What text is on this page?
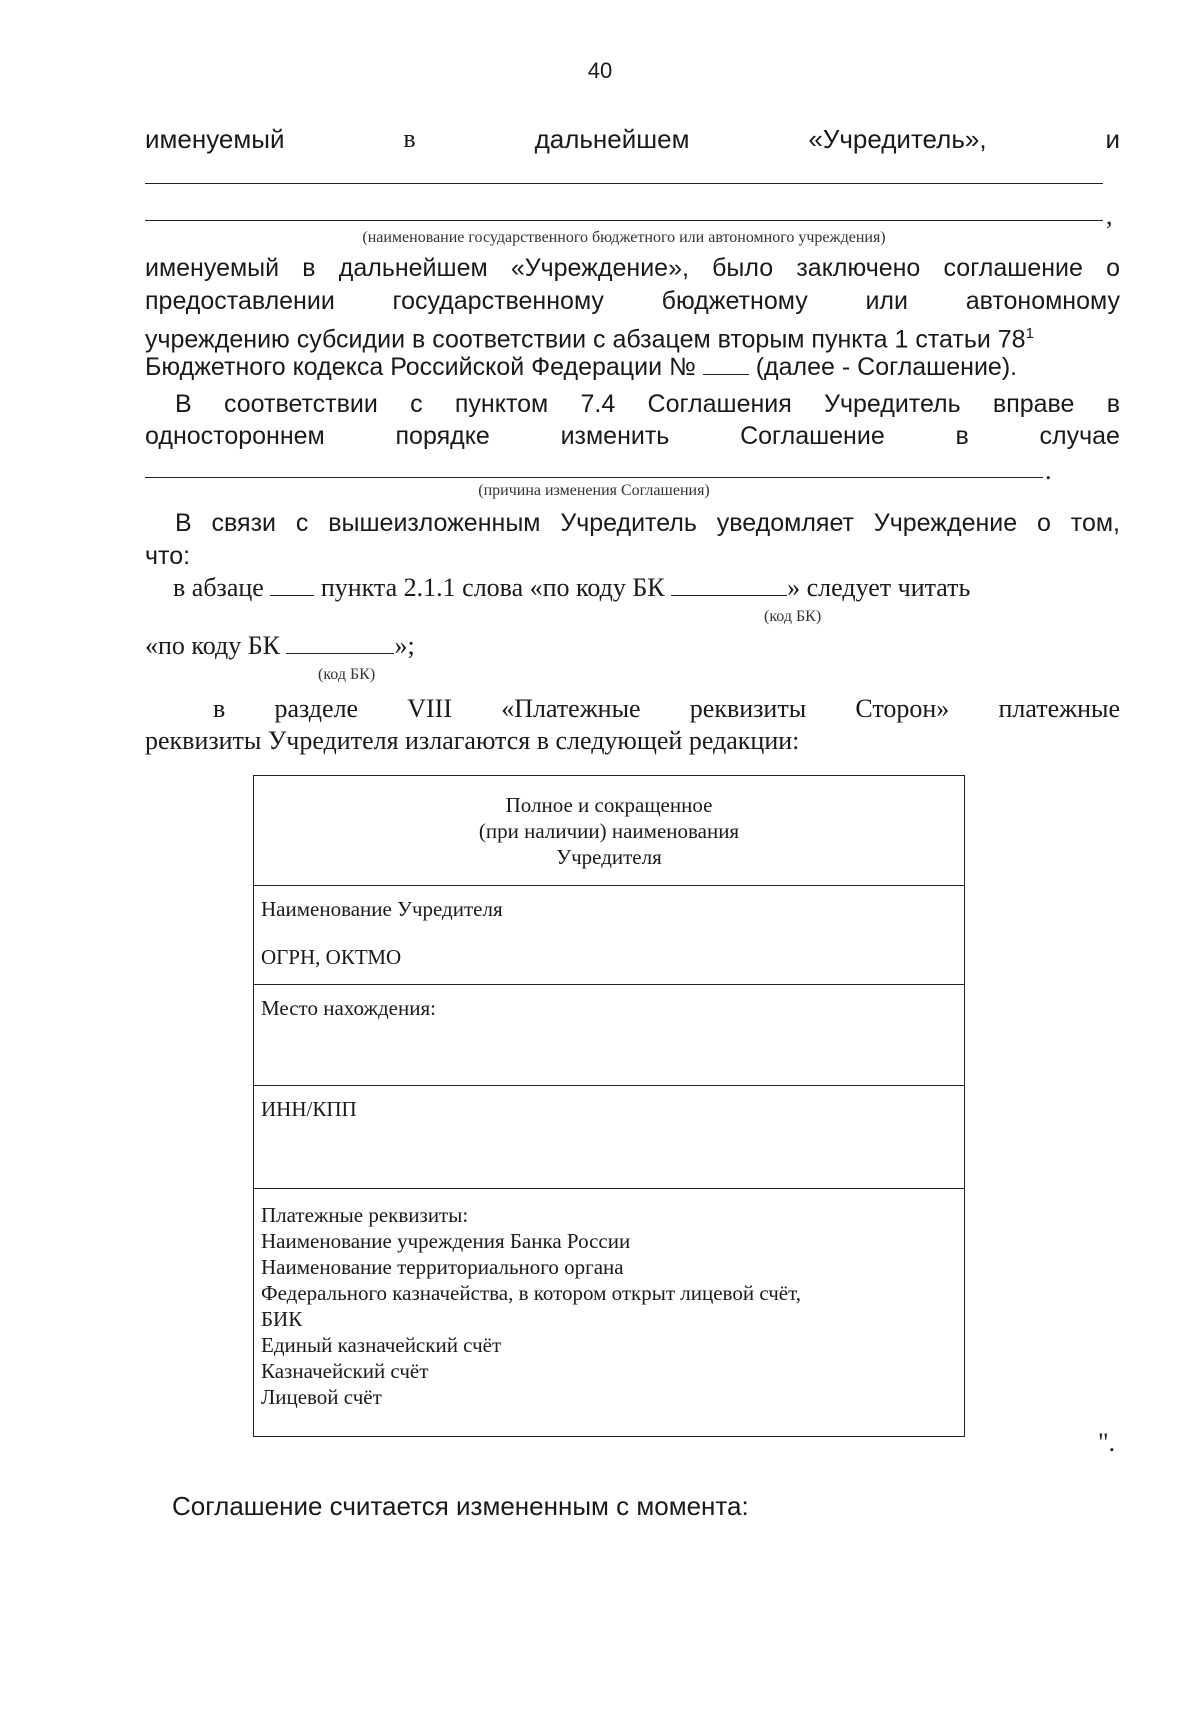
40
именуемый	в	дальнейшем	«Учредитель»,	и
,
(наименование государственного бюджетного или автономного учреждения)
именуемый в дальнейшем «Учреждение», было заключено соглашение о
предоставлении государственному бюджетному или автономному
учреждению субсидии в соответствии с абзацем вторым пункта 1 статьи $78^1$
Бюджетного кодекса Российской Федерации № (далее - Соглашение).
В соответствии с пунктом 7.4 Соглашения Учредитель вправе в
одностороннем	порядке	изменить	Соглашение	в	случае
.
(причина изменения Соглашения)
В связи с вышеизложенным Учредитель уведомляет Учреждение о том,
что:
в абзаце пункта 2.1.1 слова «по коду БК	» следует читать
(код БК)
«по коду БК	»;
(код БК)
в разделе VIII «Платежные реквизиты Сторон» платежные
реквизиты Учредителя излагаются в следующей редакции:
Полное и сокращенное
(при наличии) наименования
Учредителя
Наименование Учредителя
ОГРН, ОКТМО
Место нахождения:
ИНН/КПП
Платежные реквизиты:
Наименование учреждения Банка России
Наименование территориального органа
Федерального казначейства, в котором открыт лицевой счёт,
БИК
Единый казначейский счёт
Казначейский счёт
Лицевой счёт
".
Соглашение считается измененным с момента:
